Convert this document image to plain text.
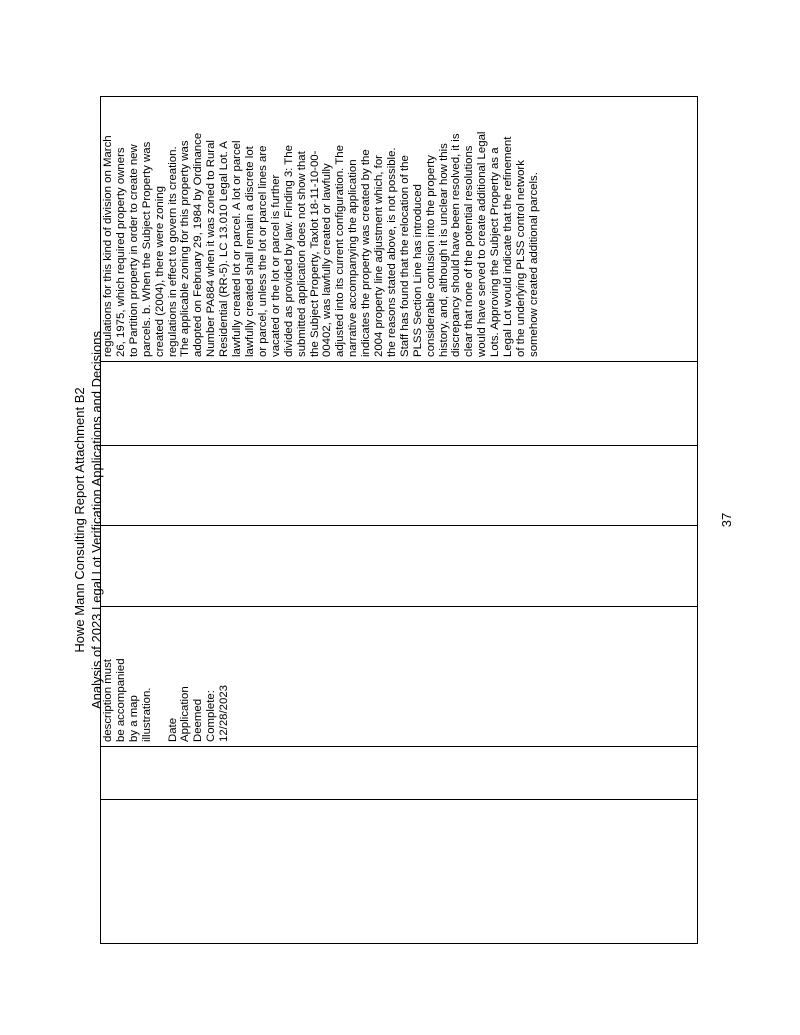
Howe Mann Consulting Report Attachment B2 Analysis of 2023 Legal Lot Verification Applications and Decisions	37
regulations for this kind of division on March 26, 1975, which required property owners to Partition property in order to create new parcels. b. When the Subject Property was created (2004), there were zoning regulations in effect to govern its creation. The applicable zoning for this property was adopted on February 29, 1984 by Ordinance Number PA884 when it was zoned to Rural Residential (RR-5). LC 13.010 Legal Lot. A lawfully created lot or parcel. A lot or parcel lawfully created shall remain a discrete lot or parcel, unless the lot or parcel lines are vacated or the lot or parcel is further divided as provided by law. Finding 3: The submitted application does not show that the Subject Property, Taxlot 18-11-10-00- 00402, was lawfully created or lawfully adjusted into its current configuration. The narrative accompanying the application indicates the property was created by the 2004 property line adjustment which, for the reasons stated above, is not possible. Staff has found that the relocation of the PLSS Section Line has introduced considerable contusion into the property history, and, although it is unclear how this discrepancy should have been resolved, it is clear that none of the potential resolutions would have served to create additional Legal Lots. Approving the Subject Property as a Legal Lot would indicate that the refinement of the underlying PLSS control network somehow created additional parcels.
description must be accompanied by a map illustration.
Date Application Deemed Complete: 12/28/2023
